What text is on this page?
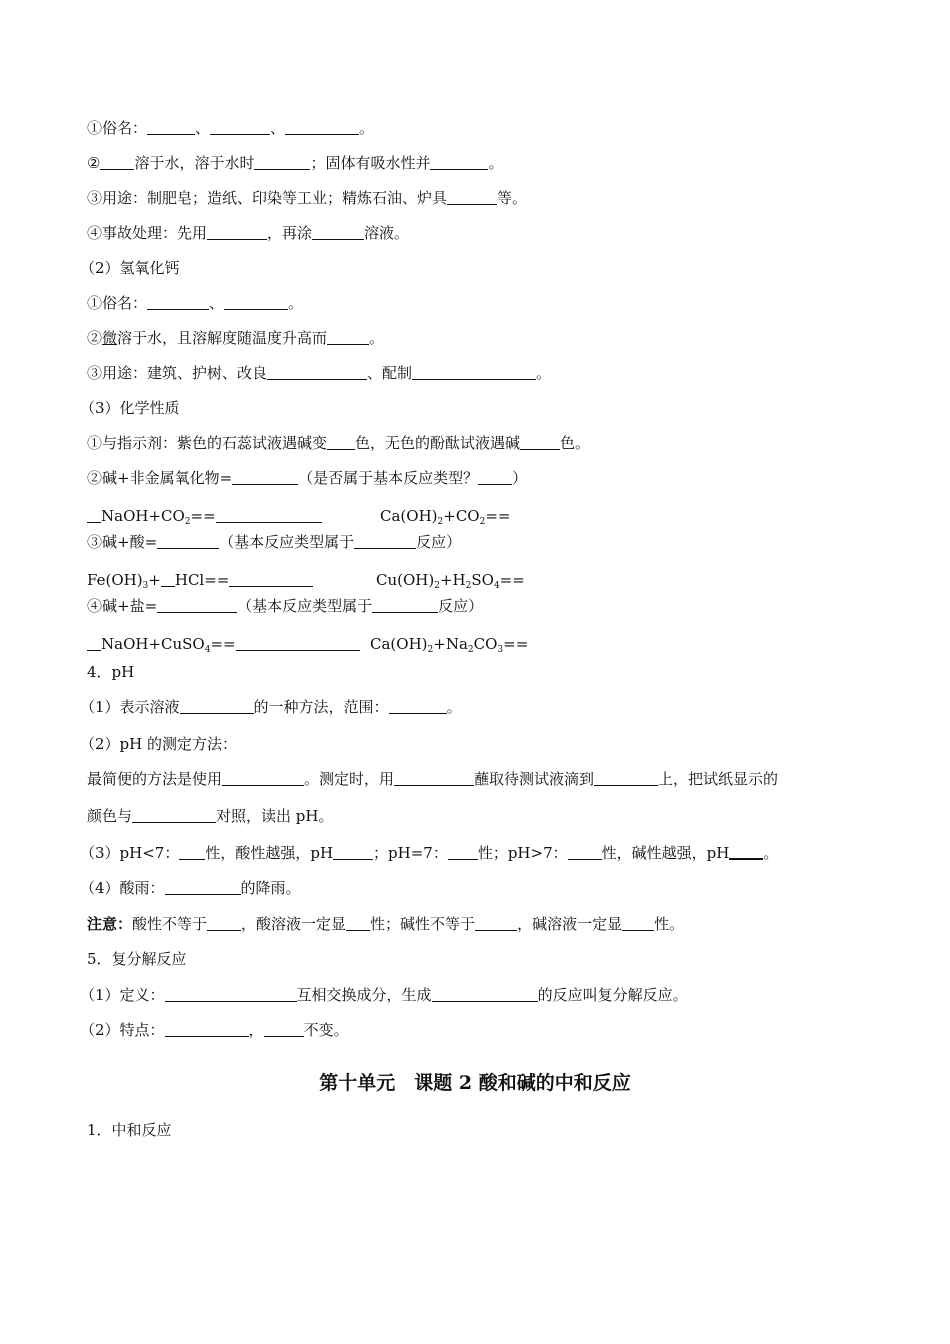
①俗名：	、	、	。
② 溶于水，溶于水时	；固体有吸水性并	。
③用途：制肥皂；造纸、印染等工业；精炼石油、炉具	等。
④事故处理：先用	，再涂	溶液。
（2）氢氧化钙
①俗名：	、	。
②微溶于水，且溶解度随温度升高而	。
③用途：建筑、护树、改良	、配制	。
（3）化学性质
①与指示剂：紫色的石蕊试液遇碱变 色，无色的酚酞试液遇碱	色。
②碱+非金属氧化物=	（是否属于基本反应类型？ ）
$NaOH+CO_2==$	$Ca(OH)_2+CO_2==$
③碱+酸=	（基本反应类型属于	反应）
$Fe(OH)_3+ HCl==$	$Cu(OH)_2+H_2SO_4==$
④碱+盐=	（基本反应类型属于	反应）
NaOH+CuSO$_4$==	$Ca(OH)_2+Na_2CO_3==$
4．pH
（1）表示溶液	的一种方法，范围：	。
（2）pH 的测定方法：
最简便的方法是使用	。测定时，用	蘸取待测试液滴到	上，把试纸显示的
颜色与	对照，读出 pH。
（3）pH<7： 性，酸性越强，pH	；pH=7： 性；pH>7： 性，碱性越强，pH 。
（4）酸雨：	的降雨。
注意：酸性不等于 ，酸溶液一定显 性；碱性不等于	，碱溶液一定显 性。
5．复分解反应
（1）定义：	互相交换成分，生成	的反应叫复分解反应。
（2）特点：	，	不变。
第十单元　课题 2 酸和碱的中和反应
1．中和反应
